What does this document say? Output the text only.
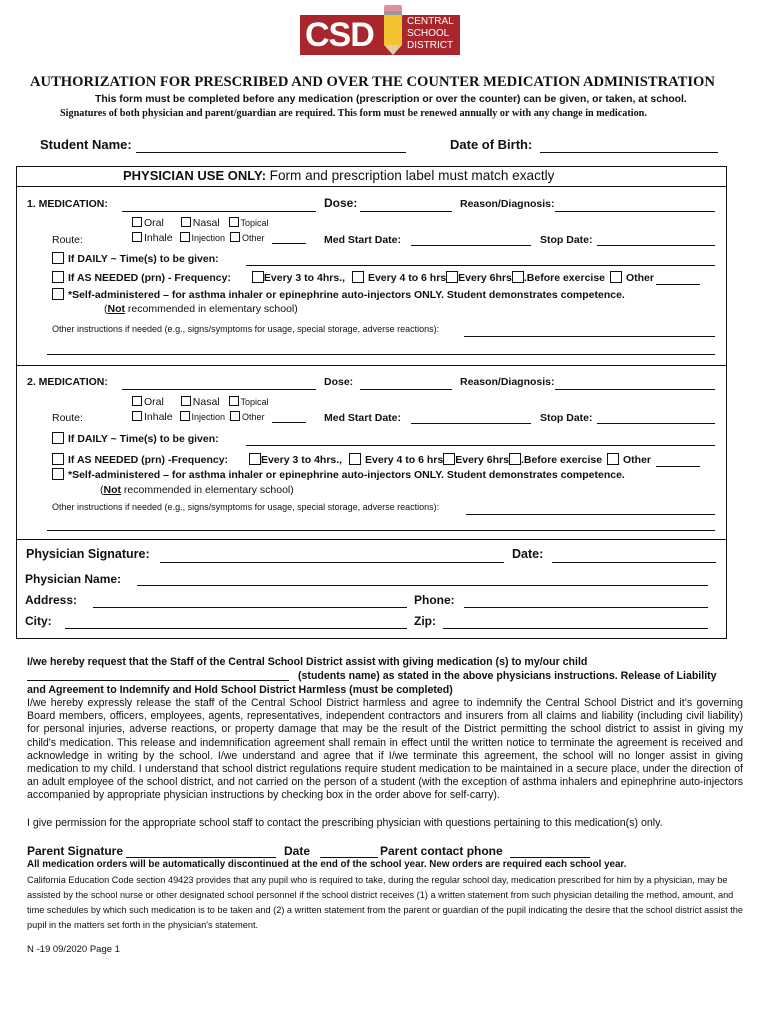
CSD	CENTRAL
SCHOOL
DISTRICT
AUTHORIZATION FOR PRESCRIBED AND OVER THE COUNTER MEDICATION ADMINISTRATION
This form must be completed before any medication (prescription or over the counter) can be given, or taken, at school.
Signatures of both physician and parent/guardian are required. This form must be renewed annually or with any change in medication.
Student Name:	Date of Birth:
PHYSICIAN USE ONLY: Form and prescription label must match exactly
1. MEDICATION:	Dose:	Reason/Diagnosis:
Oral	Nasal Topical
Route:	Inhale Injection Other	Med Start Date:	Stop Date:
If DAILY ~ Time(s) to be given:
If AS NEEDED (prn) - Frequency:	Every 3 to 4hrs., Every 4 to 6 hrs Every 6hrs .Before exercise Other
*Self-administered – for asthma inhaler or epinephrine auto-injectors ONLY. Student demonstrates competence.
(Not recommended in elementary school)
Other instructions if needed (e.g., signs/symptoms for usage, special storage, adverse reactions):
2. MEDICATION:	Dose:	Reason/Diagnosis:
Oral	Nasal Topical
Route:	Inhale Injection Other	Med Start Date:	Stop Date:
If DAILY ~ Time(s) to be given:
If AS NEEDED (prn) -Frequency:	Every 3 to 4hrs., Every 4 to 6 hrs Every 6hrs .Before exercise Other
*Self-administered – for asthma inhaler or epinephrine auto-injectors ONLY. Student demonstrates competence.
(Not recommended in elementary school)
Other instructions if needed (e.g., signs/symptoms for usage, special storage, adverse reactions):
Physician Signature:	Date:
Physician Name:
Address:	Phone:
City:	Zip:
I/we hereby request that the Staff of the Central School District assist with giving medication (s) to my/our child
(students name) as stated in the above physicians instructions. Release of Liability
and Agreement to Indemnify and Hold School District Harmless (must be completed)
I/we hereby expressly release the staff of the Central School District harmless and agree to indemnify the Central School District and it’s governing Board members, officers, employees, agents, representatives, independent contractors and insurers from all claims and liability (including civil liability) for personal injuries, adverse reactions, or property damage that may be the result of the District permitting the school district to assist in giving my child's medication. This release and indemnification agreement shall remain in effect until the written notice to terminate the agreement is received and acknowledge in writing by the school. I/we understand and agree that if I/we terminate this agreement, the school will no longer assist in giving medication to my child. I understand that school district regulations require student medication to be maintained in a secure place, under the direction of an adult employee of the school district, and not carried on the person of a student (with the exception of asthma inhalers and epinephrine auto-injectors accompanied by appropriate physician instructions by checking box in the order above for self-carry).
I give permission for the appropriate school staff to contact the prescribing physician with questions pertaining to this medication(s) only.
Parent Signature	Date	Parent contact phone
All medication orders will be automatically discontinued at the end of the school year. New orders are required each school year.
California Education Code section 49423 provides that any pupil who is required to take, during the regular school day, medication prescribed for him by a physician, may be assisted by the school nurse or other designated school personnel if the school district receives (1) a written statement from such physician detailing the method, amount, and time schedules by which such medication is to be taken and (2) a written statement from the parent or guardian of the pupil indicating the desire that the school district assist the pupil in the matters set forth in the physician's statement.
N -19 09/2020 Page 1
